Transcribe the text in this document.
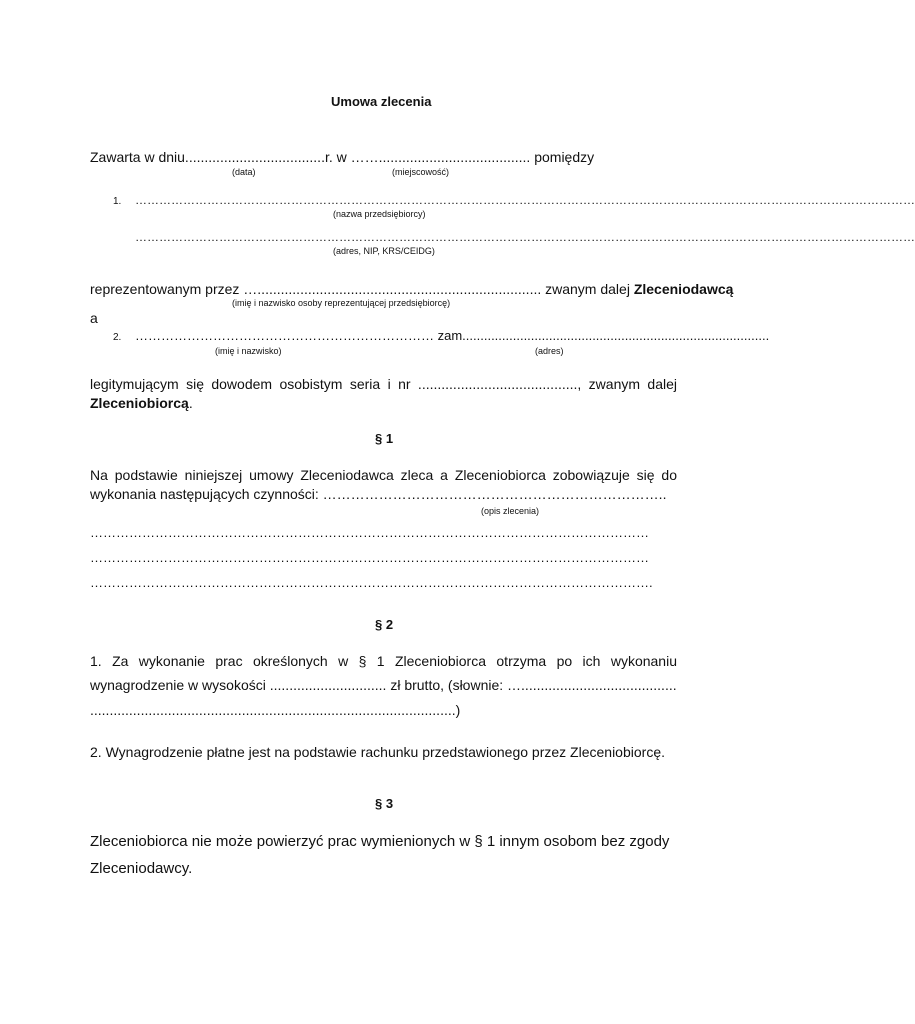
Umowa zlecenia
Zawarta w dniu....................................r. w ……....................................... pomiędzy
(data)	(miejscowość)
1. ……………………………………………………………………………………………………………………………………………………………………………
(nazwa przedsiębiorcy)
……………………………………………………………………………………………………………………………………………………………………………
(adres, NIP, KRS/CEIDG)
reprezentowanym przez …......................................................................... zwanym dalej Zleceniodawcą
(imię i nazwisko osoby reprezentującej przedsiębiorcę)
a
2. …………………………………………………………… zam.....................................................................................
(imię i nazwisko)	(adres)
legitymującym się dowodem osobistym seria i nr ........................................., zwanym dalej
Zleceniobiorcą.
§ 1
Na podstawie niniejszej umowy Zleceniodawca zleca a Zleceniobiorca zobowiązuje się do
wykonania następujących czynności: ………………………………………………………………..
(opis zlecenia)
…………………………………………………………………………………………………………………
…………………………………………………………………………………………………………………
………………………………………………………………………………………………………………….
§ 2
1. Za wykonanie prac określonych w § 1 Zleceniobiorca otrzyma po ich wykonaniu
wynagrodzenie w wysokości .............................. zł brutto, (słownie: …........................................
..............................................................................................)
2. Wynagrodzenie płatne jest na podstawie rachunku przedstawionego przez Zleceniobiorcę.
§ 3
Zleceniobiorca nie może powierzyć prac wymienionych w § 1 innym osobom bez zgody
Zleceniodawcy.
